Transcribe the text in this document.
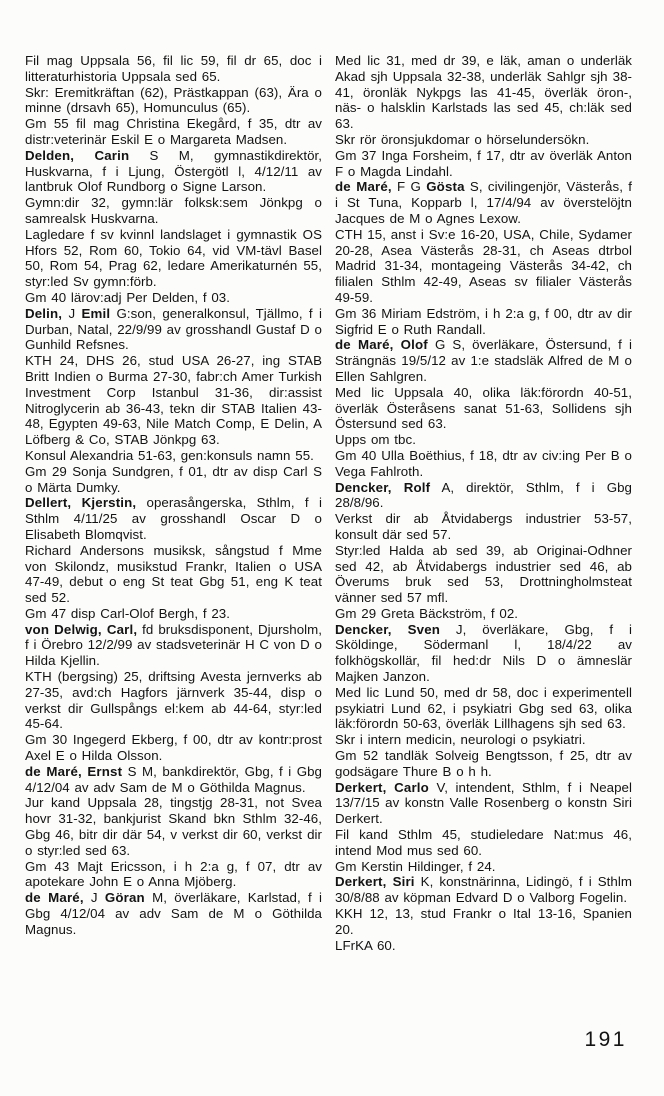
Fil mag Uppsala 56, fil lic 59, fil dr 65, doc i litteraturhistoria Uppsala sed 65.

Skr: Eremitkräftan (62), Prästkappan (63), Ära o minne (drsavh 65), Homunculus (65).

Gm 55 fil mag Christina Ekegård, f 35, dtr av distr:veterinär Eskil E o Margareta Madsen.

Delden, Carin S M, gymnastikdirektör, Huskvarna, f i Ljung, Östergötl l, 4/12/11 av lantbruk Olof Rundborg o Signe Larson.

Gymn:dir 32, gymn:lär folksk:sem Jönkpg o samrealsk Huskvarna.

Lagledare f sv kvinnl landslaget i gymnastik OS Hfors 52, Rom 60, Tokio 64, vid VM-tävl Basel 50, Rom 54, Prag 62, ledare Amerikaturnén 55, styr:led Sv gymn:förb.

Gm 40 lärov:adj Per Delden, f 03.

Delin, J Emil G:son, generalkonsul, Tjällmo, f i Durban, Natal, 22/9/99 av grosshandl Gustaf D o Gunhild Refsnes.

KTH 24, DHS 26, stud USA 26-27, ing STAB Britt Indien o Burma 27-30, fabr:ch Amer Turkish Investment Corp Istanbul 31-36, dir:assist Nitroglycerin ab 36-43, tekn dir STAB Italien 43-48, Egypten 49-63, Nile Match Comp, E Delin, A Löfberg & Co, STAB Jönkpg 63.

Konsul Alexandria 51-63, gen:konsuls namn 55.

Gm 29 Sonja Sundgren, f 01, dtr av disp Carl S o Märta Dumky.

Dellert, Kjerstin, operasångerska, Sthlm, f i Sthlm 4/11/25 av grosshandl Oscar D o Elisabeth Blomqvist.

Richard Andersons musiksk, sångstud f Mme von Skilondz, musikstud Frankr, Italien o USA 47-49, debut o eng St teat Gbg 51, eng K teat sed 52.

Gm 47 disp Carl-Olof Bergh, f 23.

von Delwig, Carl, fd bruksdisponent, Djursholm, f i Örebro 12/2/99 av stadsveterinär H C von D o Hilda Kjellin.

KTH (bergsing) 25, driftsing Avesta jernverks ab 27-35, avd:ch Hagfors järnverk 35-44, disp o verkst dir Gullspångs el:kem ab 44-64, styr:led 45-64.

Gm 30 Ingegerd Ekberg, f 00, dtr av kontr:prost Axel E o Hilda Olsson.

de Maré, Ernst S M, bankdirektör, Gbg, f i Gbg 4/12/04 av adv Sam de M o Göthilda Magnus.

Jur kand Uppsala 28, tingstjg 28-31, not Svea hovr 31-32, bankjurist Skand bkn Sthlm 32-46, Gbg 46, bitr dir där 54, v verkst dir 60, verkst dir o styr:led sed 63.

Gm 43 Majt Ericsson, i h 2:a g, f 07, dtr av apotekare John E o Anna Mjöberg.

de Maré, J Göran M, överläkare, Karlstad, f i Gbg 4/12/04 av adv Sam de M o Göthilda Magnus.

Med lic 31, med dr 39, e läk, aman o underläk Akad sjh Uppsala 32-38, underläk Sahlgr sjh 38-41, öronläk Nykpgs las 41-45, överläk öron-, näs- o halsklin Karlstads las sed 45, ch:läk sed 63.

Skr rör öronsjukdomar o hörselundersökn.

Gm 37 Inga Forsheim, f 17, dtr av överläk Anton F o Magda Lindahl.

de Maré, F G Gösta S, civilingenjör, Västerås, f i St Tuna, Kopparb l, 17/4/94 av överstelöjtn Jacques de M o Agnes Lexow.

CTH 15, anst i Sv:e 16-20, USA, Chile, Sydamer 20-28, Asea Västerås 28-31, ch Aseas dtrbol Madrid 31-34, montageing Västerås 34-42, ch filialen Sthlm 42-49, Aseas sv filialer Västerås 49-59.

Gm 36 Miriam Edström, i h 2:a g, f 00, dtr av dir Sigfrid E o Ruth Randall.

de Maré, Olof G S, överläkare, Östersund, f i Strängnäs 19/5/12 av 1:e stadsläk Alfred de M o Ellen Sahlgren.

Med lic Uppsala 40, olika läk:förordn 40-51, överläk Österåsens sanat 51-63, Sollidens sjh Östersund sed 63.

Upps om tbc.

Gm 40 Ulla Boëthius, f 18, dtr av civ:ing Per B o Vega Fahlroth.

Dencker, Rolf A, direktör, Sthlm, f i Gbg 28/8/96.

Verkst dir ab Åtvidabergs industrier 53-57, konsult där sed 57.

Styr:led Halda ab sed 39, ab Originai-Odhner sed 42, ab Åtvidabergs industrier sed 46, ab Överums bruk sed 53, Drottningholmsteat vänner sed 57 mfl.

Gm 29 Greta Bäckström, f 02.

Dencker, Sven J, överläkare, Gbg, f i Sköldinge, Södermanl l, 18/4/22 av folkhögskollär, fil hed:dr Nils D o ämneslär Majken Janzon.

Med lic Lund 50, med dr 58, doc i experimentell psykiatri Lund 62, i psykiatri Gbg sed 63, olika läk:förordn 50-63, överläk Lillhagens sjh sed 63.

Skr i intern medicin, neurologi o psykiatri.

Gm 52 tandläk Solveig Bengtsson, f 25, dtr av godsägare Thure B o h h.

Derkert, Carlo V, intendent, Sthlm, f i Neapel 13/7/15 av konstn Valle Rosenberg o konstn Siri Derkert.

Fil kand Sthlm 45, studieledare Nat:mus 46, intend Mod mus sed 60.

Gm Kerstin Hildinger, f 24.

Derkert, Siri K, konstnärinna, Lidingö, f i Sthlm 30/8/88 av köpman Edvard D o Valborg Fogelin.

KKH 12, 13, stud Frankr o Ital 13-16, Spanien 20.

LFrKA 60.

191
